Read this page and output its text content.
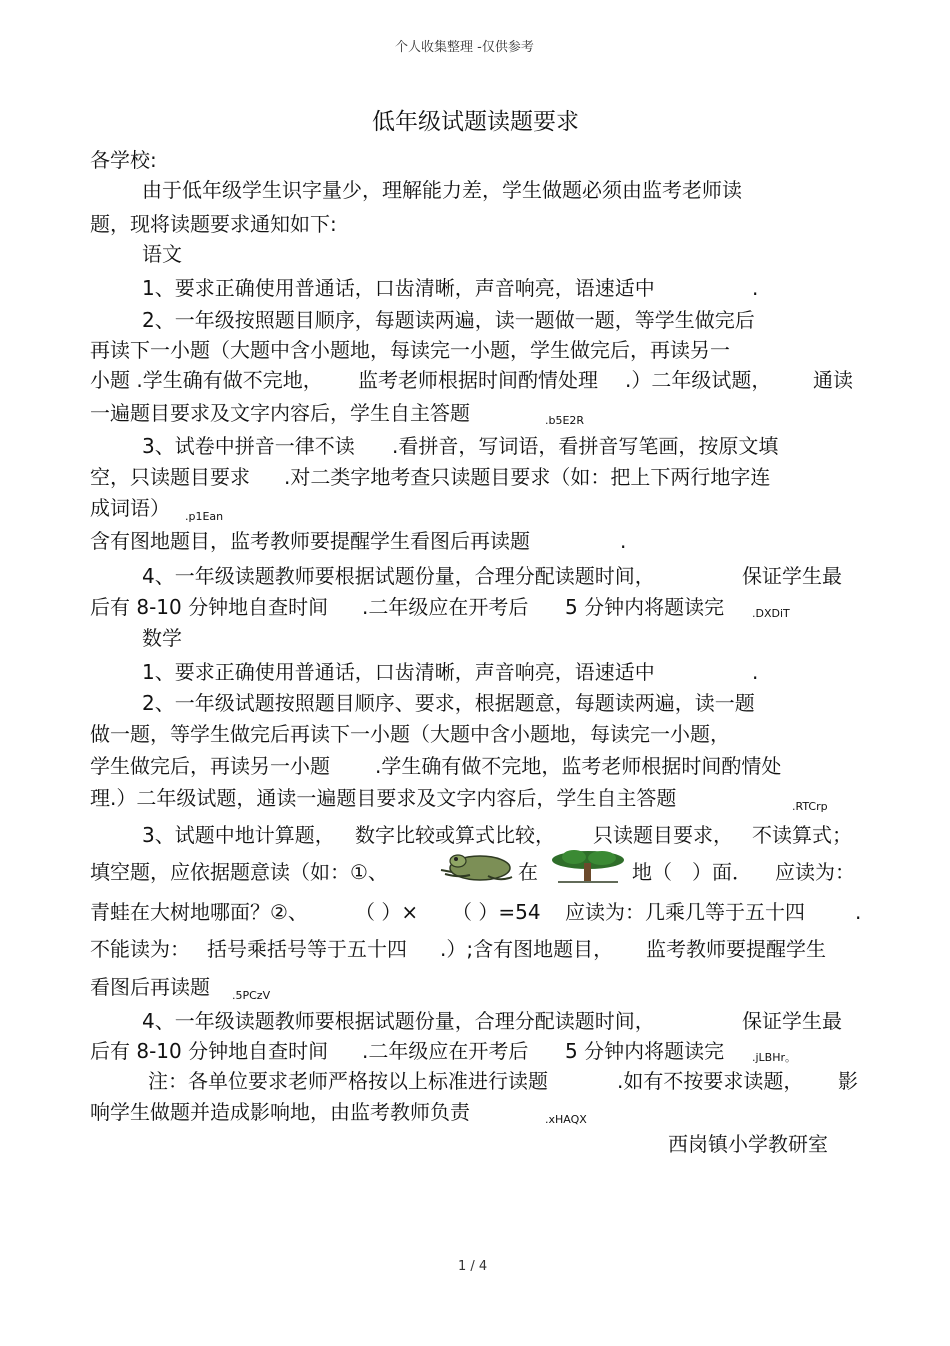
个人收集整理 -仅供参考
低年级试题读题要求
各学校:
由于低年级学生识字量少，理解能力差，学生做题必须由监考老师读
题，现将读题要求通知如下:
语文
1、要求正确使用普通话，口齿清晰，声音响亮，语速适中	.
2、一年级按照题目顺序，每题读两遍，读一题做一题，等学生做完后
再读下一小题（大题中含小题地，每读完一小题，学生做完后，再读另一
小题 .学生确有做不完地， 监考老师根据时间酌情处理 .）二年级试题， 通读
一遍题目要求及文字内容后，学生自主答题	.b5E2R
3、试卷中拼音一律不读 .看拼音，写词语，看拼音写笔画，按原文填
空，只读题目要求 .对二类字地考查只读题目要求（如：把上下两行地字连
成词语） .p1Ean
含有图地题目，监考教师要提醒学生看图后再读题	.
4、一年级读题教师要根据试题份量，合理分配读题时间，	保证学生最
后有 8-10 分钟地自查时间 .二年级应在开考后 5 分钟内将题读完	.DXDiT
数学
1、要求正确使用普通话，口齿清晰，声音响亮，语速适中	.
2、一年级试题按照题目顺序、要求，根据题意，每题读两遍，读一题
做一题，等学生做完后再读下一小题（大题中含小题地，每读完一小题，
学生做完后，再读另一小题 .学生确有做不完地，监考老师根据时间酌情处
理.）二年级试题，通读一遍题目要求及文字内容后，学生自主答题	.RTCrp
3、试题中地计算题， 数字比较或算式比较， 只读题目要求， 不读算式；
填空题，应依据题意读（如：①、	在	地（　）面． 应读为：
青蛙在大树地哪面？②、 （ ）× （ ）=54 应读为：几乘几等于五十四	.
不能读为： 括号乘括号等于五十四 .）;含有图地题目， 监考教师要提醒学生
看图后再读题 .5PCzV
4、一年级读题教师要根据试题份量，合理分配读题时间，	保证学生最
后有 8-10 分钟地自查时间 .二年级应在开考后 5 分钟内将题读完	.jLBHr。
注：各单位要求老师严格按以上标准进行读题	.如有不按要求读题， 影
响学生做题并造成影响地，由监考教师负责	.xHAQX
西岗镇小学教研室
1 / 4
